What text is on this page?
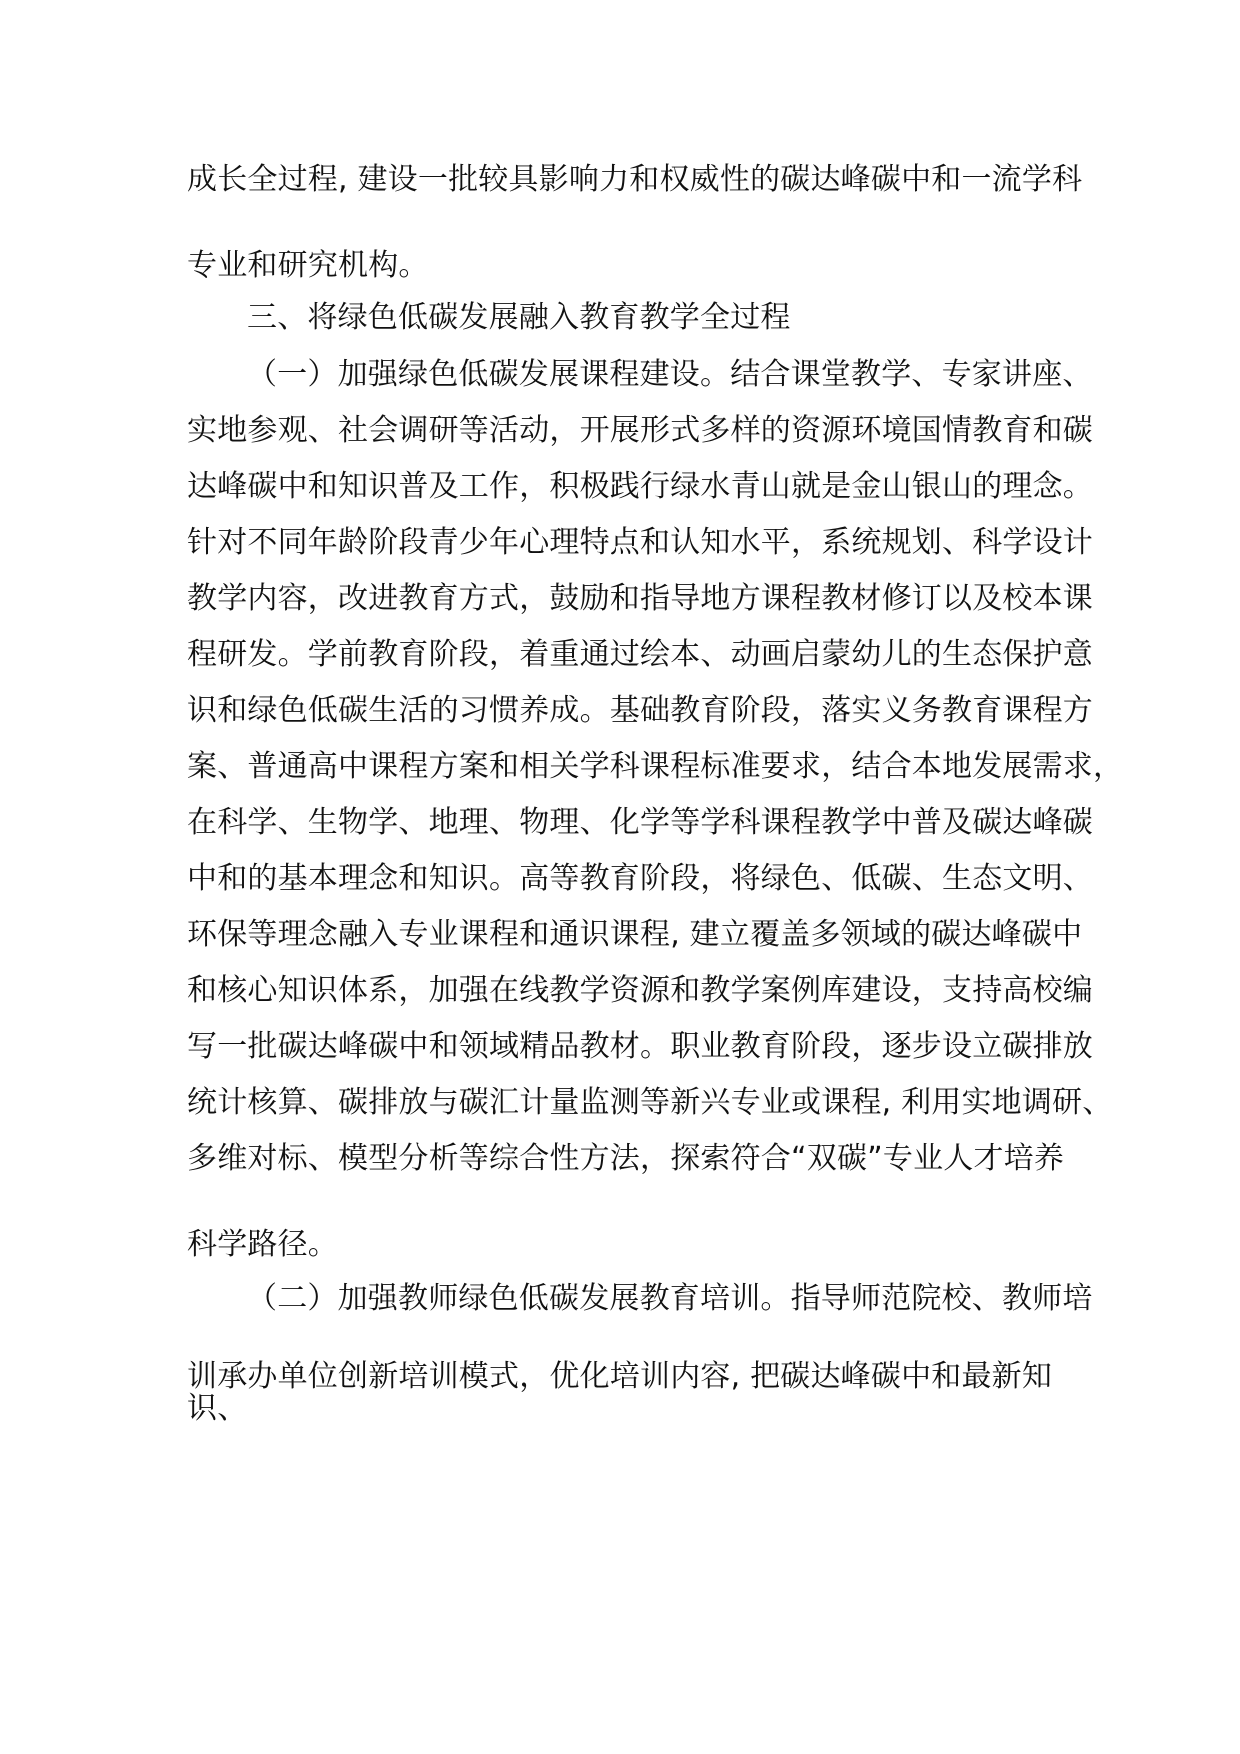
成长全过程, 建设一批较具影响力和权威性的碳达峰碳中和一流学科
专业和研究机构。
三、将绿色低碳发展融入教育教学全过程
（一）加强绿色低碳发展课程建设。结合课堂教学、专家讲座、
实地参观、社会调研等活动，开展形式多样的资源环境国情教育和碳
达峰碳中和知识普及工作，积极践行绿水青山就是金山银山的理念。
针对不同年龄阶段青少年心理特点和认知水平，系统规划、科学设计
教学内容，改进教育方式，鼓励和指导地方课程教材修订以及校本课
程研发。学前教育阶段，着重通过绘本、动画启蒙幼儿的生态保护意
识和绿色低碳生活的习惯养成。基础教育阶段，落实义务教育课程方
案、普通高中课程方案和相关学科课程标准要求，结合本地发展需求，
在科学、生物学、地理、物理、化学等学科课程教学中普及碳达峰碳
中和的基本理念和知识。高等教育阶段，将绿色、低碳、生态文明、
环保等理念融入专业课程和通识课程, 建立覆盖多领域的碳达峰碳中
和核心知识体系，加强在线教学资源和教学案例库建设，支持高校编
写一批碳达峰碳中和领域精品教材。职业教育阶段，逐步设立碳排放
统计核算、碳排放与碳汇计量监测等新兴专业或课程, 利用实地调研、
多维对标、模型分析等综合性方法，探索符合“双碳”专业人才培养
科学路径。
（二）加强教师绿色低碳发展教育培训。指导师范院校、教师培
训承办单位创新培训模式，优化培训内容, 把碳达峰碳中和最新知
识、
